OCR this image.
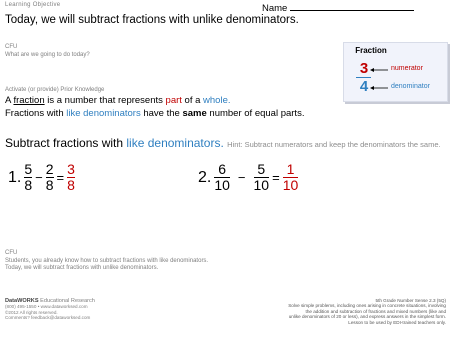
Learning Objective	Name
Today, we will subtract fractions with unlike denominators.
CFU
What are we going to do today?
Activate (or provide) Prior Knowledge
A fraction is a number that represents part of a whole.
Fractions with like denominators have the same number of equal parts.
Fraction
3
4
numerator
denominator
Subtract fractions with like denominators. Hint: Subtract numerators and keep the denominators the same.
1. $\frac{5}{8} - \frac{2}{8} = \frac{3}{8}$	2. $\frac{6}{10} - \frac{5}{10} = \frac{1}{10}$
CFU
Students, you already know how to subtract fractions with like denominators.
Today, we will subtract fractions with unlike denominators.
DataWORKS Educational Research
(800) 495-1550 • www.dataworksed.com
©2012 All rights reserved.
Comments? feedback@dataworksed.com
5th Grade Number Sense 2.3 (5Q)
Solve simple problems, including ones arising in concrete situations, involving
the addition and subtraction of fractions and mixed numbers (like and
unlike denominators of 20 or less), and express answers in the simplest form.
Lesson to be used by EDI-trained teachers only.
